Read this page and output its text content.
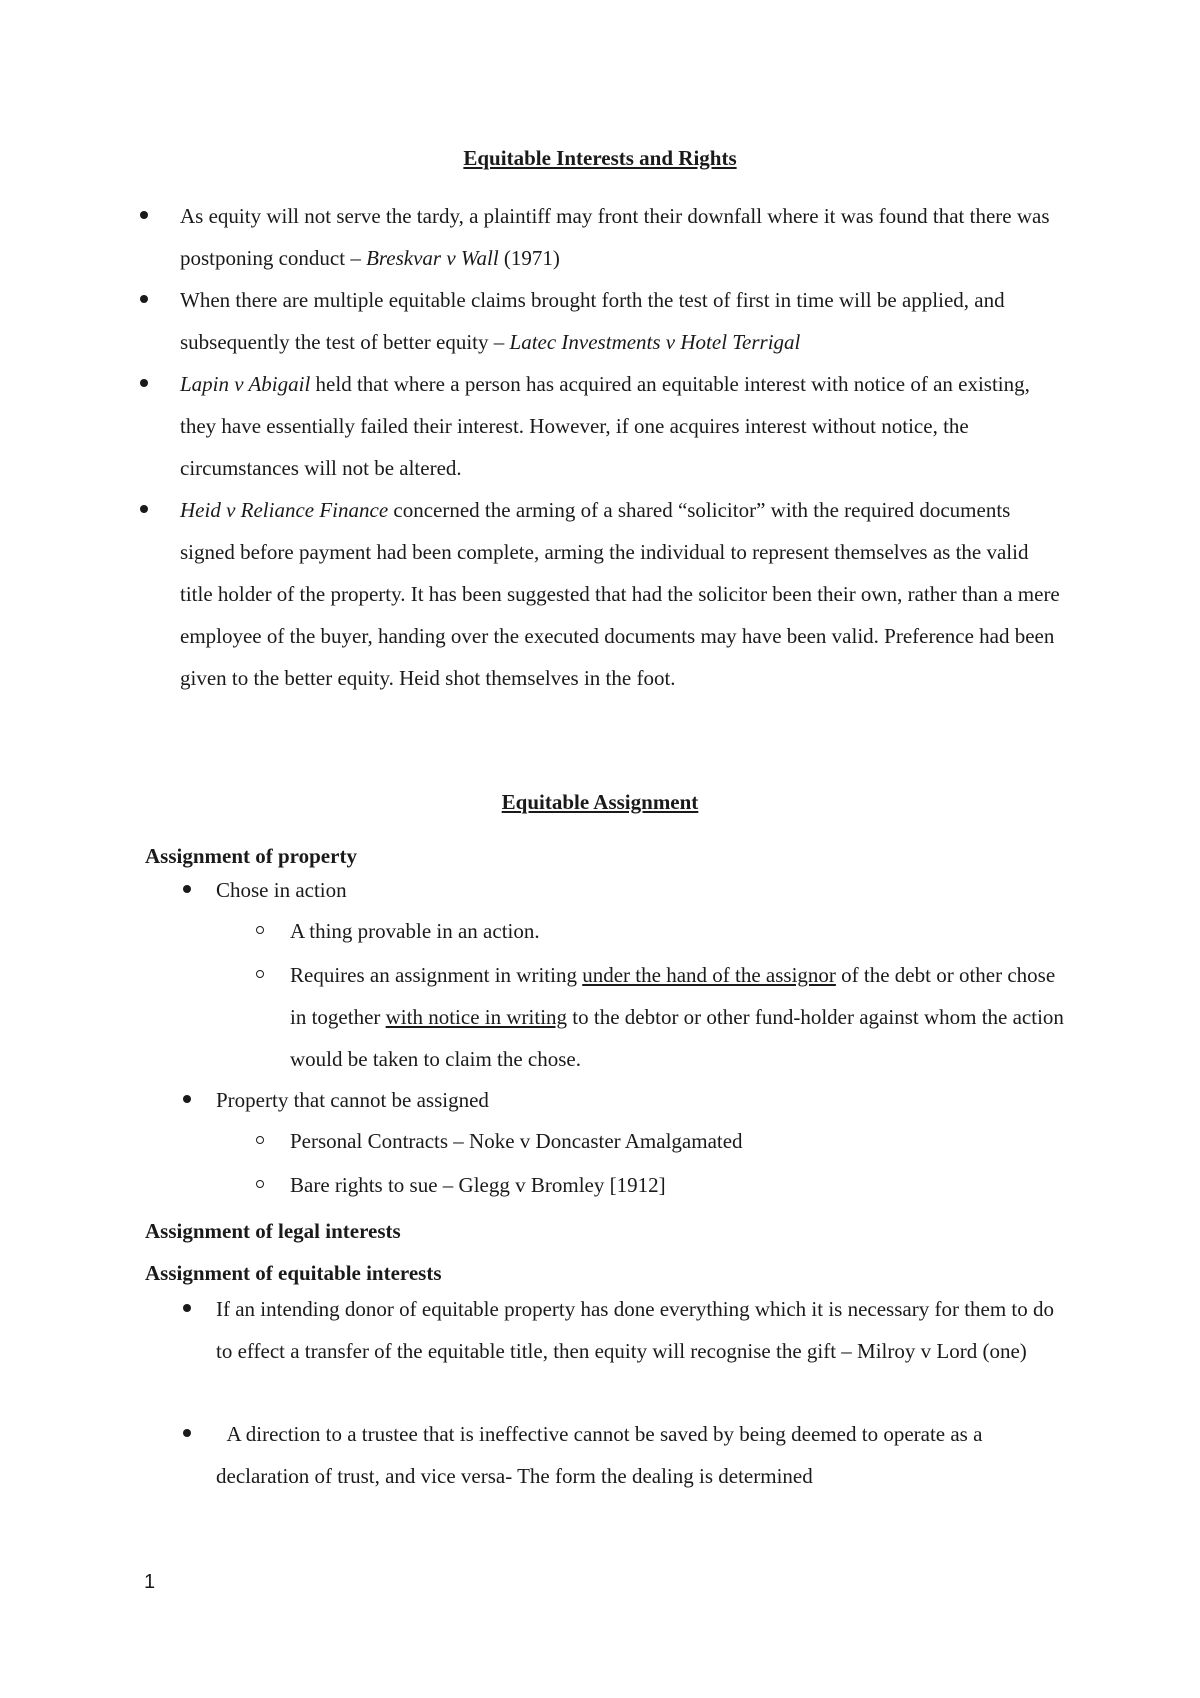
Equitable Interests and Rights
As equity will not serve the tardy, a plaintiff may front their downfall where it was found that there was postponing conduct – Breskvar v Wall (1971)
When there are multiple equitable claims brought forth the test of first in time will be applied, and subsequently the test of better equity – Latec Investments v Hotel Terrigal
Lapin v Abigail held that where a person has acquired an equitable interest with notice of an existing, they have essentially failed their interest. However, if one acquires interest without notice, the circumstances will not be altered.
Heid v Reliance Finance concerned the arming of a shared “solicitor” with the required documents signed before payment had been complete, arming the individual to represent themselves as the valid title holder of the property. It has been suggested that had the solicitor been their own, rather than a mere employee of the buyer, handing over the executed documents may have been valid. Preference had been given to the better equity. Heid shot themselves in the foot.
Equitable Assignment
Assignment of property
Chose in action
A thing provable in an action.
Requires an assignment in writing under the hand of the assignor of the debt or other chose in together with notice in writing to the debtor or other fund-holder against whom the action would be taken to claim the chose.
Property that cannot be assigned
Personal Contracts – Noke v Doncaster Amalgamated
Bare rights to sue – Glegg v Bromley [1912]
Assignment of legal interests
Assignment of equitable interests
If an intending donor of equitable property has done everything which it is necessary for them to do to effect a transfer of the equitable title, then equity will recognise the gift – Milroy v Lord (one)
A direction to a trustee that is ineffective cannot be saved by being deemed to operate as a declaration of trust, and vice versa- The form the dealing is determined
1
